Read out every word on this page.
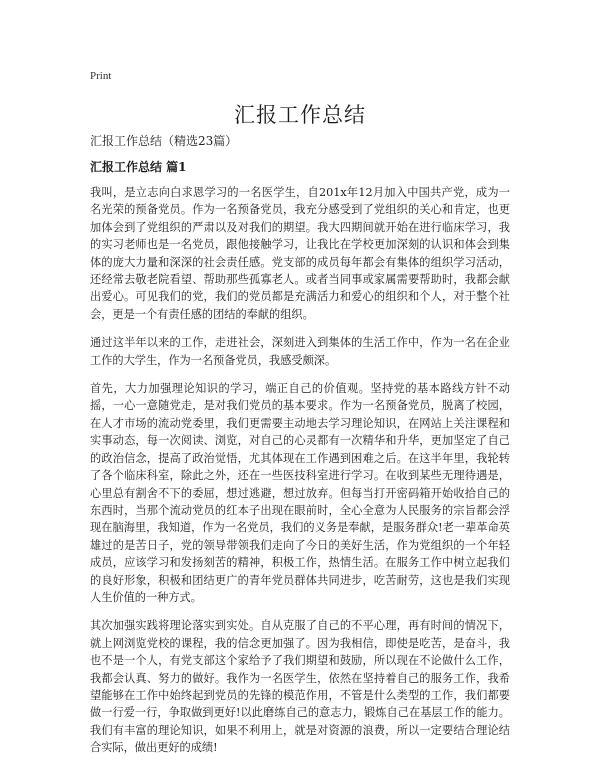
Print
汇报工作总结
汇报工作总结（精选23篇）
汇报工作总结 篇1

我叫，是立志向白求恩学习的一名医学生，自201x年12月加入中国共产党，成为一名光荣的预备党员。作为一名预备党员，我充分感受到了党组织的关心和肯定，也更加体会到了党组织的严肃以及对我们的期望。我大四期间就开始在进行临床学习，我的实习老师也是一名党员，跟他接触学习，让我比在学校更加深刻的认识和体会到集体的庞大力量和深深的社会责任感。党支部的成员每年都会有集体的组织学习活动，还经常去敬老院看望、帮助那些孤寡老人。或者当同事或家属需要帮助时，我都会献出爱心。可见我们的党，我们的党员都是充满活力和爱心的组织和个人，对于整个社会，更是一个有责任感的团结的奉献的组织。

通过这半年以来的工作，走进社会，深刻进入到集体的生活工作中，作为一名在企业工作的大学生，作为一名预备党员，我感受颇深。

首先，大力加强理论知识的学习，端正自己的价值观。坚持党的基本路线方针不动摇，一心一意随党走，是对我们党员的基本要求。作为一名预备党员，脱离了校园，在人才市场的流动党委里，我们更需要主动地去学习理论知识，在网站上关注课程和实事动态，每一次阅读、浏览，对自己的心灵都有一次精华和升华，更加坚定了自己的政治信念，提高了政治觉悟，尤其体现在工作遇到困难之后。在这半年里，我轮转了各个临床科室，除此之外，还在一些医技科室进行学习。在收到某些无理待遇是，心里总有割舍不下的委屈，想过逃避，想过放弃。但每当打开密码箱开始收拾自己的东西时，当那个流动党员的红本子出现在眼前时，全心全意为人民服务的宗旨都会浮现在脑海里，我知道，作为一名党员，我们的义务是奉献，是服务群众!老一辈革命英雄过的是苦日子，党的领导带领我们走向了今日的美好生活，作为党组织的一个年轻成员，应该学习和发扬刻苦的精神，积极工作，热情生活。在服务工作中树立起我们的良好形象，积极和团结更广的青年党员群体共同进步，吃苦耐劳，这也是我们实现人生价值的一种方式。

其次加强实践将理论落实到实处。自从克服了自己的不平心理，再有时间的情况下，就上网浏览党校的课程，我的信念更加强了。因为我相信，即使是吃苦，是奋斗，我也不是一个人，有党支部这个家给予了我们期望和鼓励，所以现在不论做什么工作，我都会认真、努力的做好。我作为一名医学生，依然在坚持着自己的服务工作，我希望能够在工作中始终起到党员的先锋的模范作用，不管是什么类型的工作，我们都要做一行爱一行，争取做到更好!以此磨练自己的意志力，锻炼自己在基层工作的能力。我们有丰富的理论知识，如果不利用上，就是对资源的浪费，所以一定要结合理论结合实际，做出更好的成绩!
